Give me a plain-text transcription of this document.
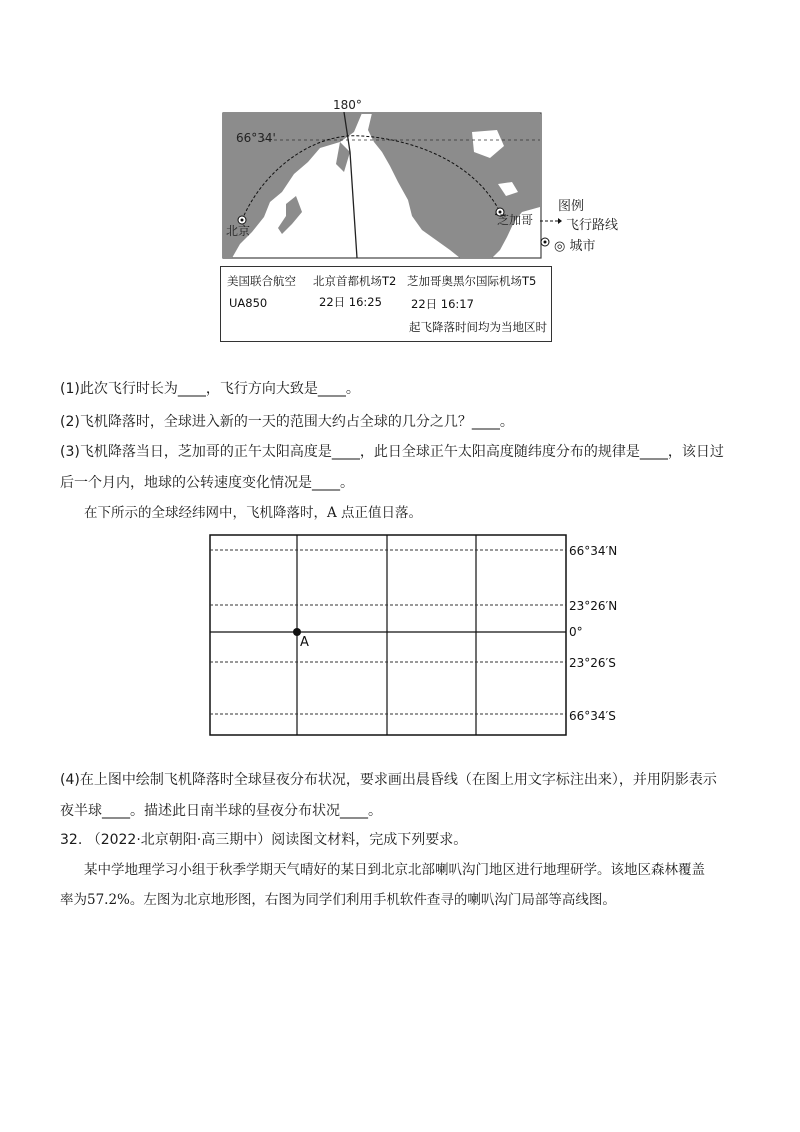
180°
66°34'
北京
芝加哥
图例
飞行路线
◎ 城市
美国联合航空
UA850
北京首都机场T2
22日 16:25
芝加哥奥黑尔国际机场T5
22日 16:17
起飞降落时间均为当地区时
(1)此次飞行时长为____，飞行方向大致是____。
(2)飞机降落时，全球进入新的一天的范围大约占全球的几分之几？____。
(3)飞机降落当日，芝加哥的正午太阳高度是____，此日全球正午太阳高度随纬度分布的规律是____，该日过
后一个月内，地球的公转速度变化情况是____。
在下所示的全球经纬网中，飞机降落时，A 点正值日落。
66°34′N
23°26′N
0°
23°26′S
66°34′S
A
(4)在上图中绘制飞机降落时全球昼夜分布状况，要求画出晨昏线（在图上用文字标注出来），并用阴影表示
夜半球____。描述此日南半球的昼夜分布状况____。
32. （2022·北京朝阳·高三期中）阅读图文材料，完成下列要求。
某中学地理学习小组于秋季学期天气晴好的某日到北京北部喇叭沟门地区进行地理研学。该地区森林覆盖
率为57.2%。左图为北京地形图，右图为同学们利用手机软件查寻的喇叭沟门局部等高线图。
